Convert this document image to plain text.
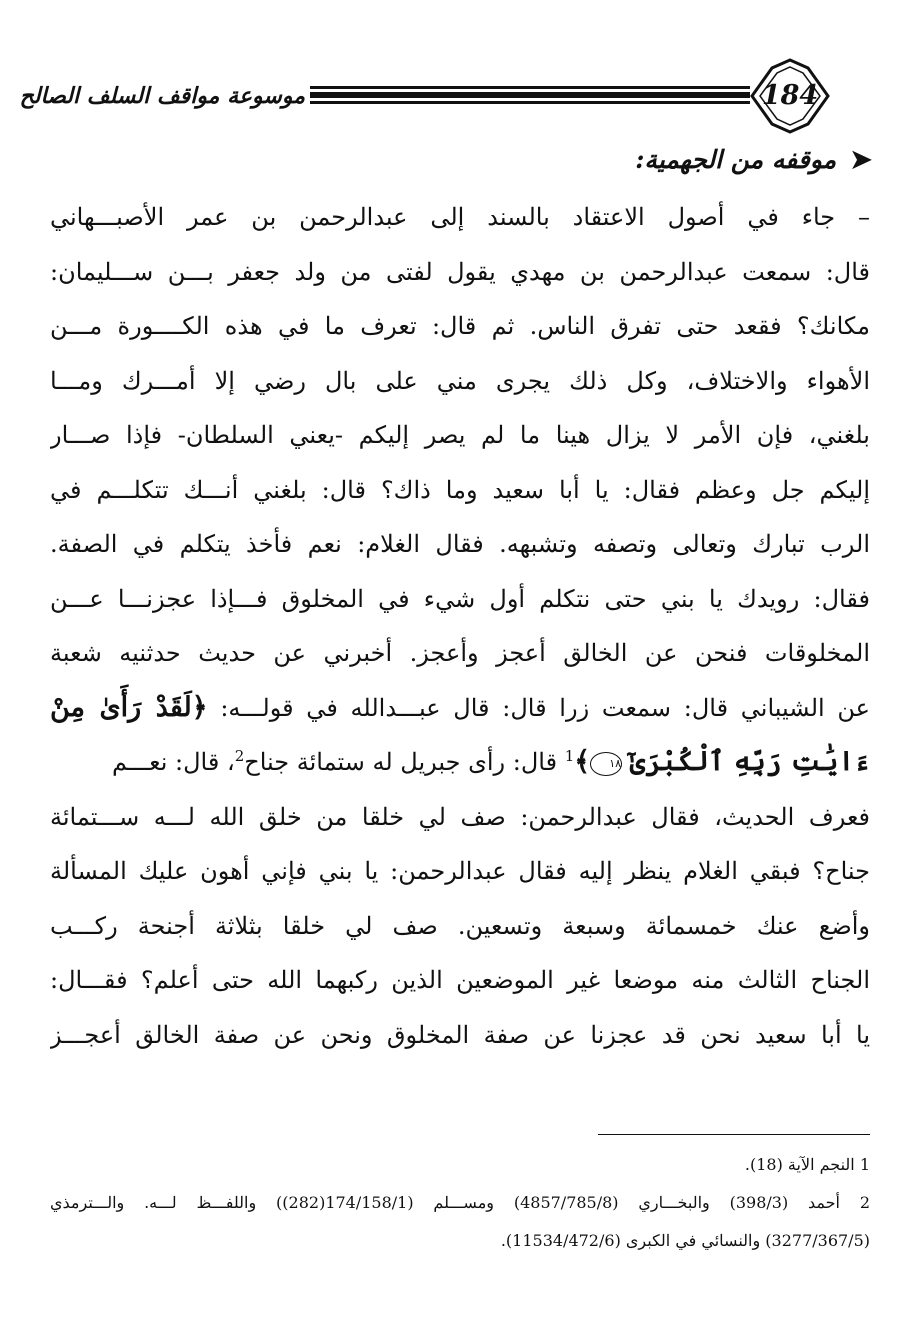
موسوعة مواقف السلف الصالح	184
➤موقفه من الجهمية:
– جاء في أصول الاعتقاد بالسند إلى عبدالرحمن بن عمر الأصبـــهاني
قال: سمعت عبدالرحمن بن مهدي يقول لفتى من ولد جعفر بـــن ســـليمان:
مكانك؟ فقعد حتى تفرق الناس. ثم قال: تعرف ما في هذه الكــــورة مـــن
الأهواء والاختلاف، وكل ذلك يجرى مني على بال رضي إلا أمـــرك ومـــا
بلغني، فإن الأمر لا يزال هينا ما لم يصر إليكم -يعني السلطان- فإذا صـــار
إليكم جل وعظم فقال: يا أبا سعيد وما ذاك؟ قال: بلغني أنـــك تتكلـــم في
الرب تبارك وتعالى وتصفه وتشبهه. فقال الغلام: نعم فأخذ يتكلم في الصفة.
فقال: رويدك يا بني حتى نتكلم أول شيء في المخلوق فـــإذا عجزنـــا عـــن
المخلوقات فنحن عن الخالق أعجز وأعجز. أخبرني عن حديث حدثنيه شعبة
عن الشيباني قال: سمعت زرا قال: قال عبـــدالله في قولـــه: ﴿لَقَدْ رَأَىٰ مِنْ
ءَايَٰتِ رَبِّهِ ٱلْكُبْرَىٰٓ ١٨﴾$^1$ قال: رأى جبريل له ستمائة جناح$^2$، قال: نعـــم
فعرف الحديث، فقال عبدالرحمن: صف لي خلقا من خلق الله لـــه ســـتمائة
جناح؟ فبقي الغلام ينظر إليه فقال عبدالرحمن: يا بني فإني أهون عليك المسألة
وأضع عنك خمسمائة وسبعة وتسعين. صف لي خلقا بثلاثة أجنحة ركـــب
الجناح الثالث منه موضعا غير الموضعين الذين ركبهما الله حتى أعلم؟ فقـــال:
يا أبا سعيد نحن قد عجزنا عن صفة المخلوق ونحن عن صفة الخالق أعجـــز
1 النجم الآية (18).
2 أحمد (398/3) والبخـــاري (4857/785/8) ومســـلم (174/158/1(282)) واللفـــظ لـــه. والـــترمذي
(3277/367/5) والنسائي في الكبرى (11534/472/6).
